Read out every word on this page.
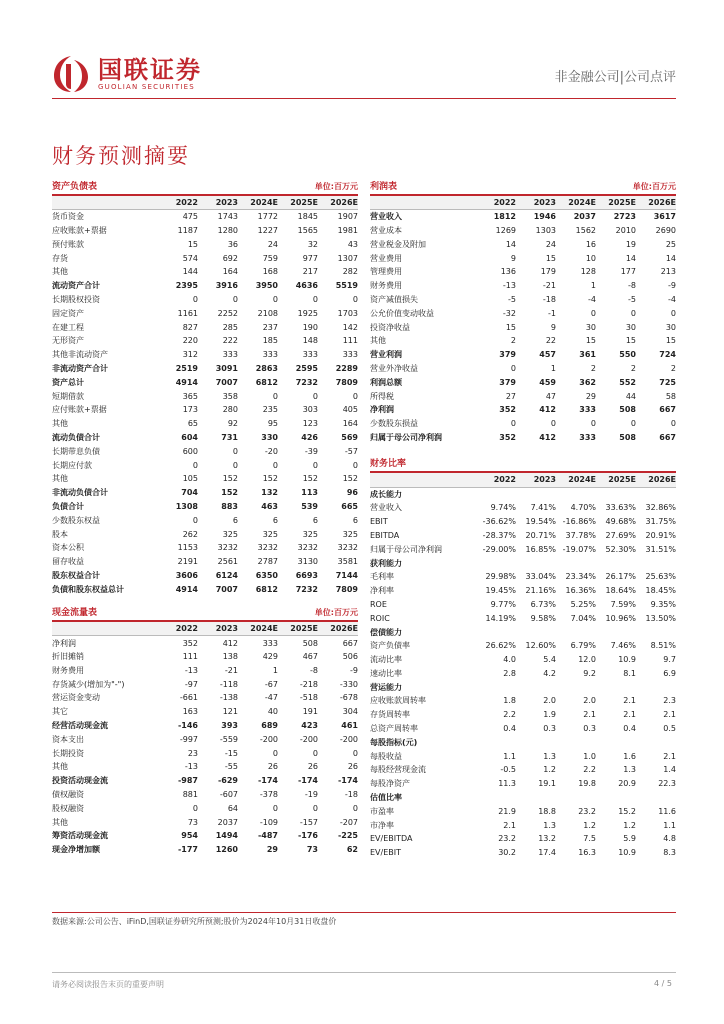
国联证券
GUOLIAN SECURITIES
非金融公司|公司点评
财务预测摘要
资产负债表	单位:百万元
	2022	2023	2024E	2025E	2026E
货币资金	475	1743	1772	1845	1907
应收账款+票据	1187	1280	1227	1565	1981
预付账款	15	36	24	32	43
存货	574	692	759	977	1307
其他	144	164	168	217	282
流动资产合计	2395	3916	3950	4636	5519
长期股权投资	0	0	0	0	0
固定资产	1161	2252	2108	1925	1703
在建工程	827	285	237	190	142
无形资产	220	222	185	148	111
其他非流动资产	312	333	333	333	333
非流动资产合计	2519	3091	2863	2595	2289
资产总计	4914	7007	6812	7232	7809
短期借款	365	358	0	0	0
应付账款+票据	173	280	235	303	405
其他	65	92	95	123	164
流动负债合计	604	731	330	426	569
长期带息负债	600	0	-20	-39	-57
长期应付款	0	0	0	0	0
其他	105	152	152	152	152
非流动负债合计	704	152	132	113	96
负债合计	1308	883	463	539	665
少数股东权益	0	6	6	6	6
股本	262	325	325	325	325
资本公积	1153	3232	3232	3232	3232
留存收益	2191	2561	2787	3130	3581
股东权益合计	3606	6124	6350	6693	7144
负债和股东权益总计	4914	7007	6812	7232	7809
现金流量表	单位:百万元
	2022	2023	2024E	2025E	2026E
净利润	352	412	333	508	667
折旧摊销	111	138	429	467	506
财务费用	-13	-21	1	-8	-9
存货减少(增加为"-")	-97	-118	-67	-218	-330
营运资金变动	-661	-138	-47	-518	-678
其它	163	121	40	191	304
经营活动现金流	-146	393	689	423	461
资本支出	-997	-559	-200	-200	-200
长期投资	23	-15	0	0	0
其他	-13	-55	26	26	26
投资活动现金流	-987	-629	-174	-174	-174
债权融资	881	-607	-378	-19	-18
股权融资	0	64	0	0	0
其他	73	2037	-109	-157	-207
筹资活动现金流	954	1494	-487	-176	-225
现金净增加额	-177	1260	29	73	62
利润表	单位:百万元
	2022	2023	2024E	2025E	2026E
营业收入	1812	1946	2037	2723	3617
营业成本	1269	1303	1562	2010	2690
营业税金及附加	14	24	16	19	25
营业费用	9	15	10	14	14
管理费用	136	179	128	177	213
财务费用	-13	-21	1	-8	-9
资产减值损失	-5	-18	-4	-5	-4
公允价值变动收益	-32	-1	0	0	0
投资净收益	15	9	30	30	30
其他	2	22	15	15	15
营业利润	379	457	361	550	724
营业外净收益	0	1	2	2	2
利润总额	379	459	362	552	725
所得税	27	47	29	44	58
净利润	352	412	333	508	667
少数股东损益	0	0	0	0	0
归属于母公司净利润	352	412	333	508	667
财务比率
	2022	2023	2024E	2025E	2026E
成长能力					
营业收入	9.74%	7.41%	4.70%	33.63%	32.86%
EBIT	-36.62%	19.54%	-16.86%	49.68%	31.75%
EBITDA	-28.37%	20.71%	37.78%	27.69%	20.91%
归属于母公司净利润	-29.00%	16.85%	-19.07%	52.30%	31.51%
获利能力					
毛利率	29.98%	33.04%	23.34%	26.17%	25.63%
净利率	19.45%	21.16%	16.36%	18.64%	18.45%
ROE	9.77%	6.73%	5.25%	7.59%	9.35%
ROIC	14.19%	9.58%	7.04%	10.96%	13.50%
偿债能力					
资产负债率	26.62%	12.60%	6.79%	7.46%	8.51%
流动比率	4.0	5.4	12.0	10.9	9.7
速动比率	2.8	4.2	9.2	8.1	6.9
营运能力					
应收账款周转率	1.8	2.0	2.0	2.1	2.3
存货周转率	2.2	1.9	2.1	2.1	2.1
总资产周转率	0.4	0.3	0.3	0.4	0.5
每股指标(元)					
每股收益	1.1	1.3	1.0	1.6	2.1
每股经营现金流	-0.5	1.2	2.2	1.3	1.4
每股净资产	11.3	19.1	19.8	20.9	22.3
估值比率					
市盈率	21.9	18.8	23.2	15.2	11.6
市净率	2.1	1.3	1.2	1.2	1.1
EV/EBITDA	23.2	13.2	7.5	5.9	4.8
EV/EBIT	30.2	17.4	16.3	10.9	8.3
数据来源:公司公告、iFinD,国联证券研究所预测;股价为2024年10月31日收盘价
请务必阅读报告末页的重要声明	4 / 5
